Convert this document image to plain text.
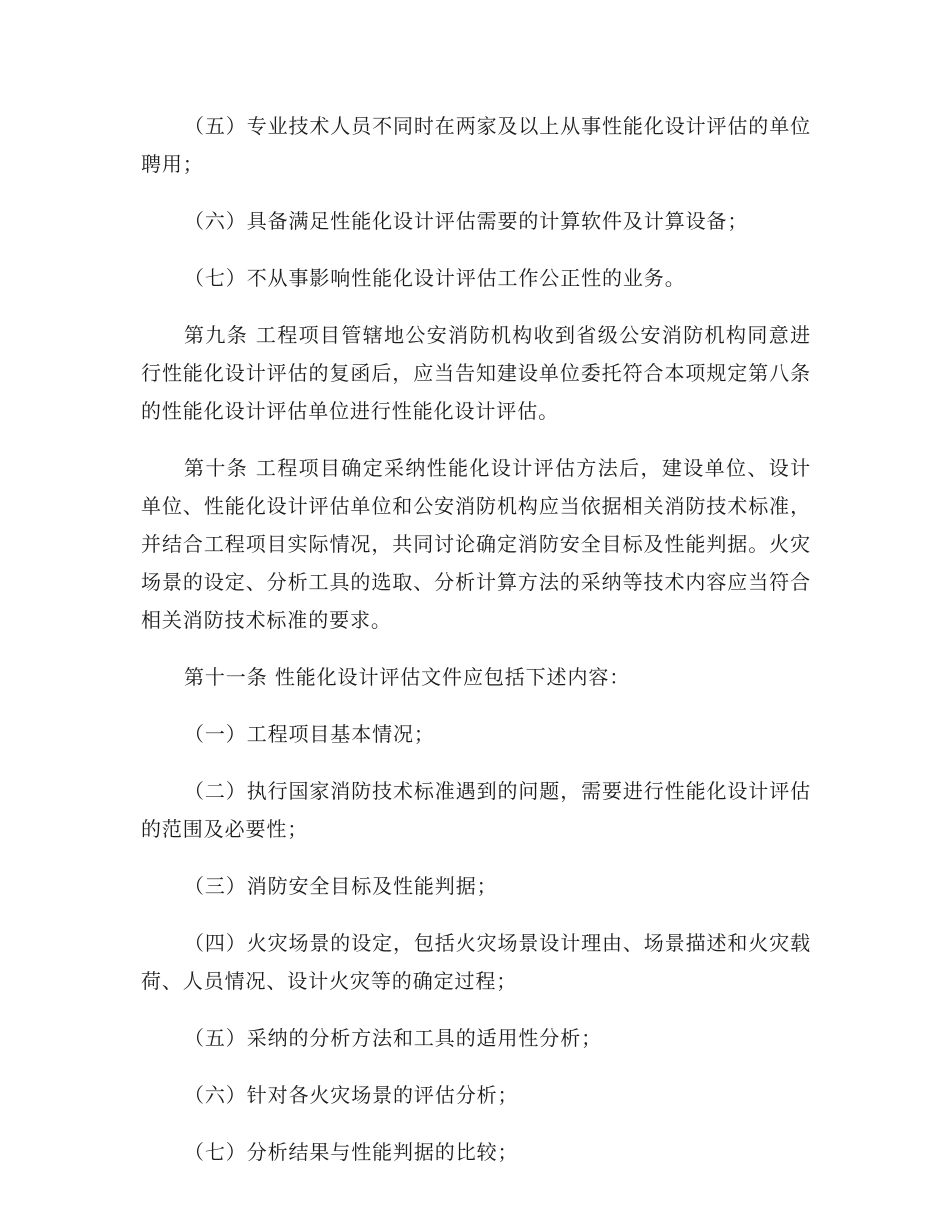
（五）专业技术人员不同时在两家及以上从事性能化设计评估的单位聘用；

（六）具备满足性能化设计评估需要的计算软件及计算设备；

（七）不从事影响性能化设计评估工作公正性的业务。

第九条 工程项目管辖地公安消防机构收到省级公安消防机构同意进行性能化设计评估的复函后，应当告知建设单位委托符合本项规定第八条的性能化设计评估单位进行性能化设计评估。

第十条 工程项目确定采纳性能化设计评估方法后，建设单位、设计单位、性能化设计评估单位和公安消防机构应当依据相关消防技术标准，并结合工程项目实际情况，共同讨论确定消防安全目标及性能判据。火灾场景的设定、分析工具的选取、分析计算方法的采纳等技术内容应当符合相关消防技术标准的要求。

第十一条 性能化设计评估文件应包括下述内容：

（一）工程项目基本情况；

（二）执行国家消防技术标准遇到的问题，需要进行性能化设计评估的范围及必要性；

（三）消防安全目标及性能判据；

（四）火灾场景的设定，包括火灾场景设计理由、场景描述和火灾载荷、人员情况、设计火灾等的确定过程；

（五）采纳的分析方法和工具的适用性分析；

（六）针对各火灾场景的评估分析；

（七）分析结果与性能判据的比较；
